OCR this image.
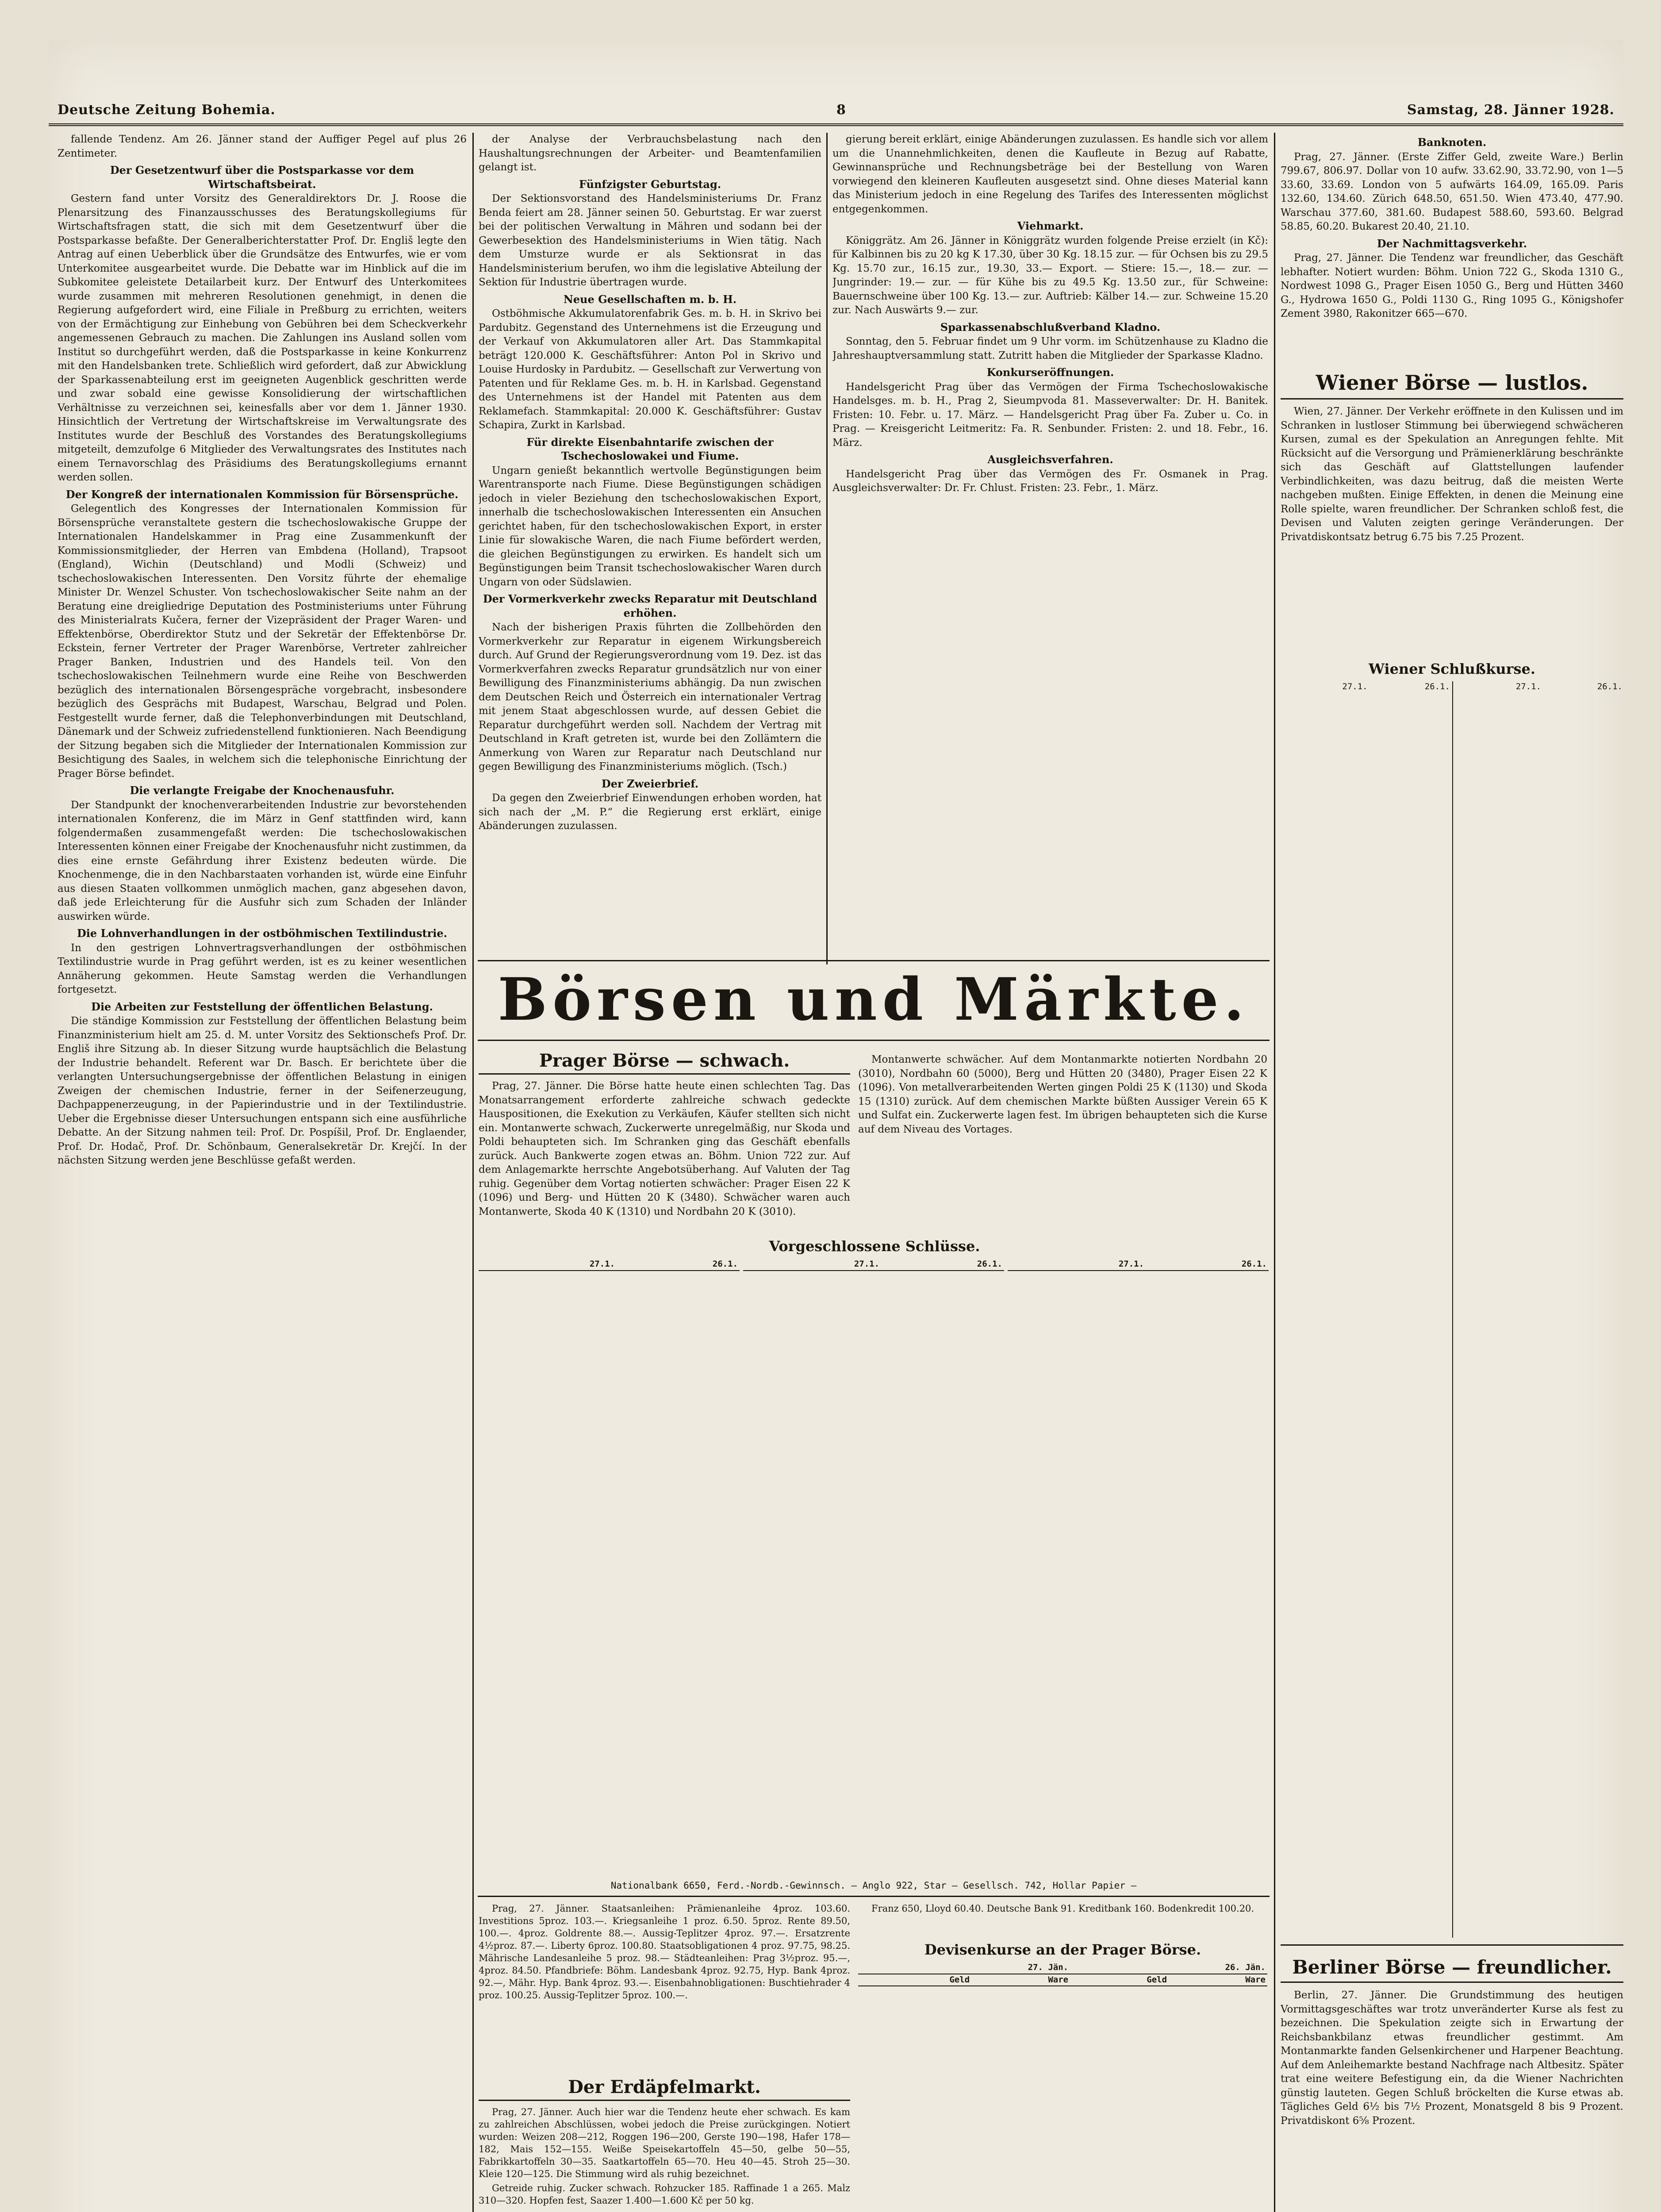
Deutsche Zeitung Bohemia.	8	Samstag, 28. Jänner 1928.

fallende Tendenz. Am 26. Jänner stand der Auffiger Pegel auf plus 26 Zentimeter.

Der Gesetzentwurf über die Postsparkasse vor dem Wirtschaftsbeirat.

Gestern fand unter Vorsitz des Generaldirektors Dr. J. Roose die Plenarsitzung des Finanzausschusses des Beratungskollegiums für Wirtschaftsfragen statt, die sich mit dem Gesetzentwurf über die Postsparkasse befaßte. Der Generalberichterstatter Prof. Dr. Engliš legte den Antrag auf einen Ueberblick über die Grundsätze des Entwurfes, wie er vom Unterkomitee ausgearbeitet wurde. Die Debatte war im Hinblick auf die im Subkomitee geleistete Detailarbeit kurz. Der Entwurf des Unterkomitees wurde zusammen mit mehreren Resolutionen genehmigt, in denen die Regierung aufgefordert wird, eine Filiale in Preßburg zu errichten, weiters von der Ermächtigung zur Einhebung von Gebühren bei dem Scheckverkehr angemessenen Gebrauch zu machen. Die Zahlungen ins Ausland sollen vom Institut so durchgeführt werden, daß die Postsparkasse in keine Konkurrenz mit den Handelsbanken trete. Schließlich wird gefordert, daß zur Abwicklung der Sparkassenabteilung erst im geeigneten Augenblick geschritten werde und zwar sobald eine gewisse Konsolidierung der wirtschaftlichen Verhältnisse zu verzeichnen sei, keinesfalls aber vor dem 1. Jänner 1930. Hinsichtlich der Vertretung der Wirtschaftskreise im Verwaltungsrate des Institutes wurde der Beschluß des Vorstandes des Beratungskollegiums mitgeteilt, demzufolge 6 Mitglieder des Verwaltungsrates des Institutes nach einem Ternavorschlag des Präsidiums des Beratungskollegiums ernannt werden sollen.

Der Kongreß der internationalen Kommission für Börsensprüche.

Gelegentlich des Kongresses der Internationalen Kommission für Börsensprüche veranstaltete gestern die tschechoslowakische Gruppe der Internationalen Handelskammer in Prag eine Zusammenkunft der Kommissionsmitglieder, der Herren van Embdena (Holland), Trapsoot (England), Wichin (Deutschland) und Modli (Schweiz) und tschechoslowakischen Interessenten. Den Vorsitz führte der ehemalige Minister Dr. Wenzel Schuster. Von tschechoslowakischer Seite nahm an der Beratung eine dreigliedrige Deputation des Postministeriums unter Führung des Ministerialrats Kučera, ferner der Vizepräsident der Prager Waren- und Effektenbörse, Oberdirektor Stutz und der Sekretär der Effektenbörse Dr. Eckstein, ferner Vertreter der Prager Warenbörse, Vertreter zahlreicher Prager Banken, Industrien und des Handels teil. Von den tschechoslowakischen Teilnehmern wurde eine Reihe von Beschwerden bezüglich des internationalen Börsengespräche vorgebracht, insbesondere bezüglich des Gesprächs mit Budapest, Warschau, Belgrad und Polen. Festgestellt wurde ferner, daß die Telephonverbindungen mit Deutschland, Dänemark und der Schweiz zufriedenstellend funktionieren. Nach Beendigung der Sitzung begaben sich die Mitglieder der Internationalen Kommission zur Besichtigung des Saales, in welchem sich die telephonische Einrichtung der Prager Börse befindet.

Die verlangte Freigabe der Knochenausfuhr.

Der Standpunkt der knochenverarbeitenden Industrie zur bevorstehenden internationalen Konferenz, die im März in Genf stattfinden wird, kann folgendermaßen zusammengefaßt werden: Die tschechoslowakischen Interessenten können einer Freigabe der Knochenausfuhr nicht zustimmen, da dies eine ernste Gefährdung ihrer Existenz bedeuten würde. Die Knochenmenge, die in den Nachbarstaaten vorhanden ist, würde eine Einfuhr aus diesen Staaten vollkommen unmöglich machen, ganz abgesehen davon, daß jede Erleichterung für die Ausfuhr sich zum Schaden der Inländer auswirken würde.

Die Lohnverhandlungen in der ostböhmischen Textilindustrie.

In den gestrigen Lohnvertragsverhandlungen der ostböhmischen Textilindustrie wurde in Prag geführt werden, ist es zu keiner wesentlichen Annäherung gekommen. Heute Samstag werden die Verhandlungen fortgesetzt.

Die Arbeiten zur Feststellung der öffentlichen Belastung.

Die ständige Kommission zur Feststellung der öffentlichen Belastung beim Finanzministerium hielt am 25. d. M. unter Vorsitz des Sektionschefs Prof. Dr. Engliš ihre Sitzung ab. In dieser Sitzung wurde hauptsächlich die Belastung der Industrie behandelt. Referent war Dr. Basch. Er berichtete über die verlangten Untersuchungsergebnisse der öffentlichen Belastung in einigen Zweigen der chemischen Industrie, ferner in der Seifenerzeugung, Dachpappenerzeugung, in der Papierindustrie und in der Textilindustrie. Ueber die Ergebnisse dieser Untersuchungen entspann sich eine ausführliche Debatte. An der Sitzung nahmen teil: Prof. Dr. Pospíšil, Prof. Dr. Englaender, Prof. Dr. Hodač, Prof. Dr. Schönbaum, Generalsekretär Dr. Krejčí. In der nächsten Sitzung werden jene Beschlüsse gefaßt werden.

der Analyse der Verbrauchsbelastung nach den Haushaltungsrechnungen der Arbeiter- und Beamtenfamilien gelangt ist.

Fünfzigster Geburtstag.

Der Sektionsvorstand des Handelsministeriums Dr. Franz Benda feiert am 28. Jänner seinen 50. Geburtstag. Er war zuerst bei der politischen Verwaltung in Mähren und sodann bei der Gewerbesektion des Handelsministeriums in Wien tätig. Nach dem Umsturze wurde er als Sektionsrat in das Handelsministerium berufen, wo ihm die legislative Abteilung der Sektion für Industrie übertragen wurde.

Neue Gesellschaften m. b. H.

Ostböhmische Akkumulatorenfabrik Ges. m. b. H. in Skrivo bei Pardubitz. Gegenstand des Unternehmens ist die Erzeugung und der Verkauf von Akkumulatoren aller Art. Das Stammkapital beträgt 120.000 K. Geschäftsführer: Anton Pol in Skrivo und Louise Hurdosky in Pardubitz. — Gesellschaft zur Verwertung von Patenten und für Reklame Ges. m. b. H. in Karlsbad. Gegenstand des Unternehmens ist der Handel mit Patenten aus dem Reklamefach. Stammkapital: 20.000 K. Geschäftsführer: Gustav Schapira, Zurkt in Karlsbad.

Für direkte Eisenbahntarife zwischen der Tschechoslowakei und Fiume.

Ungarn genießt bekanntlich wertvolle Begünstigungen beim Warentransporte nach Fiume. Diese Begünstigungen schädigen jedoch in vieler Beziehung den tschechoslowakischen Export, innerhalb die tschechoslowakischen Interessenten ein Ansuchen gerichtet haben, für den tschechoslowakischen Export, in erster Linie für slowakische Waren, die nach Fiume befördert werden, die gleichen Begünstigungen zu erwirken. Es handelt sich um Begünstigungen beim Transit tschechoslowakischer Waren durch Ungarn von oder Südslawien.

Der Vormerkverkehr zwecks Reparatur mit Deutschland erhöhen.

Nach der bisherigen Praxis führten die Zollbehörden den Vormerkverkehr zur Reparatur in eigenem Wirkungsbereich durch. Auf Grund der Regierungsverordnung vom 19. Dez. ist das Vormerkverfahren zwecks Reparatur grundsätzlich nur von einer Bewilligung des Finanzministeriums abhängig. Da nun zwischen dem Deutschen Reich und Österreich ein internationaler Vertrag mit jenem Staat abgeschlossen wurde, auf dessen Gebiet die Reparatur durchgeführt werden soll. Nachdem der Vertrag mit Deutschland in Kraft getreten ist, wurde bei den Zollämtern die Anmerkung von Waren zur Reparatur nach Deutschland nur gegen Bewilligung des Finanzministeriums möglich. (Tsch.)

Der Zweierbrief.

Da gegen den Zweierbrief Einwendungen erhoben worden, hat sich nach der „M. P.“ die Regierung erst erklärt, einige Abänderungen zuzulassen.

gierung bereit erklärt, einige Abänderungen zuzulassen. Es handle sich vor allem um die Unannehmlichkeiten, denen die Kaufleute in Bezug auf Rabatte, Gewinnansprüche und Rechnungsbeträge bei der Bestellung von Waren vorwiegend den kleineren Kaufleuten ausgesetzt sind. Ohne dieses Material kann das Ministerium jedoch in eine Regelung des Tarifes des Interessenten möglichst entgegenkommen.

Viehmarkt.

Königgrätz. Am 26. Jänner in Königgrätz wurden folgende Preise erzielt (in Kč): für Kalbinnen bis zu 20 kg K 17.30, über 30 Kg. 18.15 zur. — für Ochsen bis zu 29.5 Kg. 15.70 zur., 16.15 zur., 19.30, 33.— Export. — Stiere: 15.—, 18.— zur. — Jungrinder: 19.— zur. — für Kühe bis zu 49.5 Kg. 13.50 zur., für Schweine: Bauernschweine über 100 Kg. 13.— zur. Auftrieb: Kälber 14.— zur. Schweine 15.20 zur. Nach Auswärts 9.— zur.

Sparkassenabschlußverband Kladno.

Sonntag, den 5. Februar findet um 9 Uhr vorm. im Schützenhause zu Kladno die Jahreshauptversammlung statt. Zutritt haben die Mitglieder der Sparkasse Kladno.

Konkurseröffnungen.

Handelsgericht Prag über das Vermögen der Firma Tschechoslowakische Handelsges. m. b. H., Prag 2, Sieumpvoda 81. Masseverwalter: Dr. H. Banitek. Fristen: 10. Febr. u. 17. März. — Handelsgericht Prag über Fa. Zuber u. Co. in Prag. — Kreisgericht Leitmeritz: Fa. R. Senbunder. Fristen: 2. und 18. Febr., 16. März.

Ausgleichsverfahren.

Handelsgericht Prag über das Vermögen des Fr. Osmanek in Prag. Ausgleichsverwalter: Dr. Fr. Chlust. Fristen: 23. Febr., 1. März.

Börsen und Märkte.
Prager Börse — schwach.

Prag, 27. Jänner. Die Börse hatte heute einen schlechten Tag. Das Monatsarrangement erforderte zahlreiche schwach gedeckte Hauspositionen, die Exekution zu Verkäufen, Käufer stellten sich nicht ein. Montanwerte schwach, Zuckerwerte unregelmäßig, nur Skoda und Poldi behaupteten sich. Im Schranken ging das Geschäft ebenfalls zurück. Auch Bankwerte zogen etwas an. Böhm. Union 722 zur. Auf dem Anlagemarkte herrschte Angebotsüberhang. Auf Valuten der Tag ruhig. Gegenüber dem Vortag notierten schwächer: Prager Eisen 22 K (1096) und Berg- und Hütten 20 K (3480). Schwächer waren auch Montanwerte, Skoda 40 K (1310) und Nordbahn 20 K (3010).

Montanwerte schwächer. Auf dem Montanmarkte notierten Nordbahn 20 (3010), Nordbahn 60 (5000), Berg und Hütten 20 (3480), Prager Eisen 22 K (1096). Von metallverarbeitenden Werten gingen Poldi 25 K (1130) und Skoda 15 (1310) zurück. Auf dem chemischen Markte büßten Aussiger Verein 65 K und Sulfat ein. Zuckerwerte lagen fest. Im übrigen behaupteten sich die Kurse auf dem Niveau des Vortages.

Vorgeschlossene Schlüsse.
	27.1.	26.1.
		27.1.	26.1.
		27.1.	26.1.
Nationalbank 6650, Ferd.-Nordb.-Gewinnsch. — Anglo 922, Star — Gesellsch. 742, Hollar Papier —

Prag, 27. Jänner. Staatsanleihen: Prämienanleihe 4proz. 103.60. Investitions 5proz. 103.—. Kriegsanleihe 1 proz. 6.50. 5proz. Rente 89.50, 100.—. 4proz. Goldrente 88.—. Aussig-Teplitzer 4proz. 97.—. Ersatzrente 4½proz. 87.—. Liberty 6proz. 100.80. Staatsobligationen 4 proz. 97.75, 98.25. Mährische Landesanleihe 5 proz. 98.— Städteanleihen: Prag 3½proz. 95.—, 4proz. 84.50. Pfandbriefe: Böhm. Landesbank 4proz. 92.75, Hyp. Bank 4proz. 92.—, Mähr. Hyp. Bank 4proz. 93.—. Eisenbahnobligationen: Buschtiehrader 4 proz. 100.25. Aussig-Teplitzer 5proz. 100.—.

Franz 650, Lloyd 60.40. Deutsche Bank 91. Kreditbank 160. Bodenkredit 100.20.

Devisenkurse an der Prager Börse.
	27. Jän.		26. Jän.	
	Geld	Ware	Geld	Ware
Der Erdäpfelmarkt.

Prag, 27. Jänner. Auch hier war die Tendenz heute eher schwach. Es kam zu zahlreichen Abschlüssen, wobei jedoch die Preise zurückgingen. Notiert wurden: Weizen 208—212, Roggen 196—200, Gerste 190—198, Hafer 178—182, Mais 152—155. Weiße Speisekartoffeln 45—50, gelbe 50—55, Fabrikkartoffeln 30—35. Saatkartoffeln 65—70. Heu 40—45. Stroh 25—30. Kleie 120—125. Die Stimmung wird als ruhig bezeichnet.

Getreide ruhig. Zucker schwach. Rohzucker 185. Raffinade 1 a 265. Malz 310—320. Hopfen fest, Saazer 1.400—1.600 Kč per 50 kg.

Banknoten.

Prag, 27. Jänner. (Erste Ziffer Geld, zweite Ware.) Berlin 799.67, 806.97. Dollar von 10 aufw. 33.62.90, 33.72.90, von 1—5 33.60, 33.69. London von 5 aufwärts 164.09, 165.09. Paris 132.60, 134.60. Zürich 648.50, 651.50. Wien 473.40, 477.90. Warschau 377.60, 381.60. Budapest 588.60, 593.60. Belgrad 58.85, 60.20. Bukarest 20.40, 21.10.

Der Nachmittagsverkehr.

Prag, 27. Jänner. Die Tendenz war freundlicher, das Geschäft lebhafter. Notiert wurden: Böhm. Union 722 G., Skoda 1310 G., Nordwest 1098 G., Prager Eisen 1050 G., Berg und Hütten 3460 G., Hydrowa 1650 G., Poldi 1130 G., Ring 1095 G., Königshofer Zement 3980, Rakonitzer 665—670.

Wiener Börse — lustlos.

Wien, 27. Jänner. Der Verkehr eröffnete in den Kulissen und im Schranken in lustloser Stimmung bei überwiegend schwächeren Kursen, zumal es der Spekulation an Anregungen fehlte. Mit Rücksicht auf die Versorgung und Prämienerklärung beschränkte sich das Geschäft auf Glattstellungen laufender Verbindlichkeiten, was dazu beitrug, daß die meisten Werte nachgeben mußten. Einige Effekten, in denen die Meinung eine Rolle spielte, waren freundlicher. Der Schranken schloß fest, die Devisen und Valuten zeigten geringe Veränderungen. Der Privatdiskontsatz betrug 6.75 bis 7.25 Prozent.

Wiener Schlußkurse.
	27.1.	26.1.
		27.1.	26.1.
Berliner Börse — freundlicher.

Berlin, 27. Jänner. Die Grundstimmung des heutigen Vormittagsgeschäftes war trotz unveränderter Kurse als fest zu bezeichnen. Die Spekulation zeigte sich in Erwartung der Reichsbankbilanz etwas freundlicher gestimmt. Am Montanmarkte fanden Gelsenkirchener und Harpener Beachtung. Auf dem Anleihemarkte bestand Nachfrage nach Altbesitz. Später trat eine weitere Befestigung ein, da die Wiener Nachrichten günstig lauteten. Gegen Schluß bröckelten die Kurse etwas ab. Tägliches Geld 6½ bis 7½ Prozent, Monatsgeld 8 bis 9 Prozent. Privatdiskont 6⅝ Prozent.
